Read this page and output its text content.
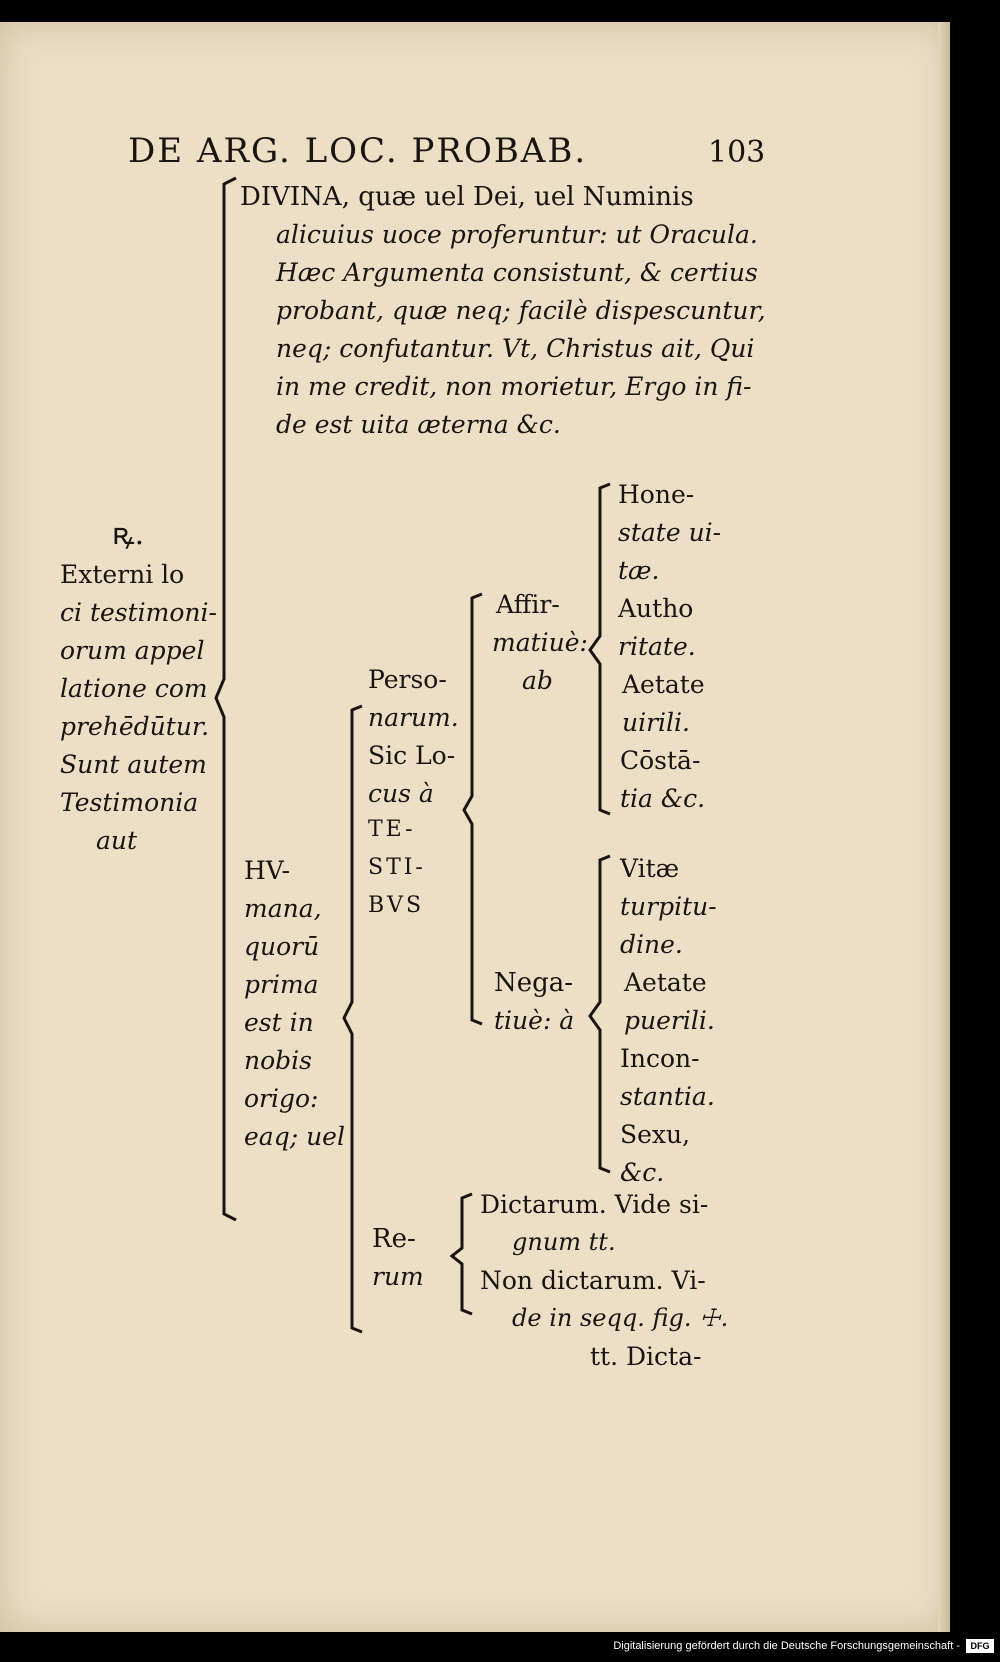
DE ARG. LOC. PROBAB.	103
DIVINA, quæ uel Dei, uel Numinis
alicuius uoce proferuntur: ut Oracula.
Hæc Argumenta consistunt, & certius
probant, quæ neq; facilè dispescuntur,
neq; confutantur. Vt, Christus ait, Qui
in me credit, non morietur, Ergo in fi-
de est uita æterna &c.
ꝶ.
Externi lo
ci testimoni-
orum appel
latione com
prehēdūtur.
Sunt autem
Testimonia
aut
HV-
mana,
quorū
prima
est in
nobis
origo:
eaq; uel
Perso-
narum.
Sic Lo-
cus à
TE-
STI-
BVS
Affir-
matiuè:
ab
Hone-
state ui-
tæ.
Autho
ritate.
Aetate
uirili.
Cōstā-
tia &c.
Nega-
tiuè: à
Vitæ
turpitu-
dine.
Aetate
puerili.
Incon-
stantia.
Sexu,
&c.
Re-
rum
Dictarum. Vide si-
gnum tt.
Non dictarum. Vi-
de in seqq. fig. ☩.
tt. Dicta-
Digitalisierung gefördert durch die Deutsche Forschungsgemeinschaft -	DFG
